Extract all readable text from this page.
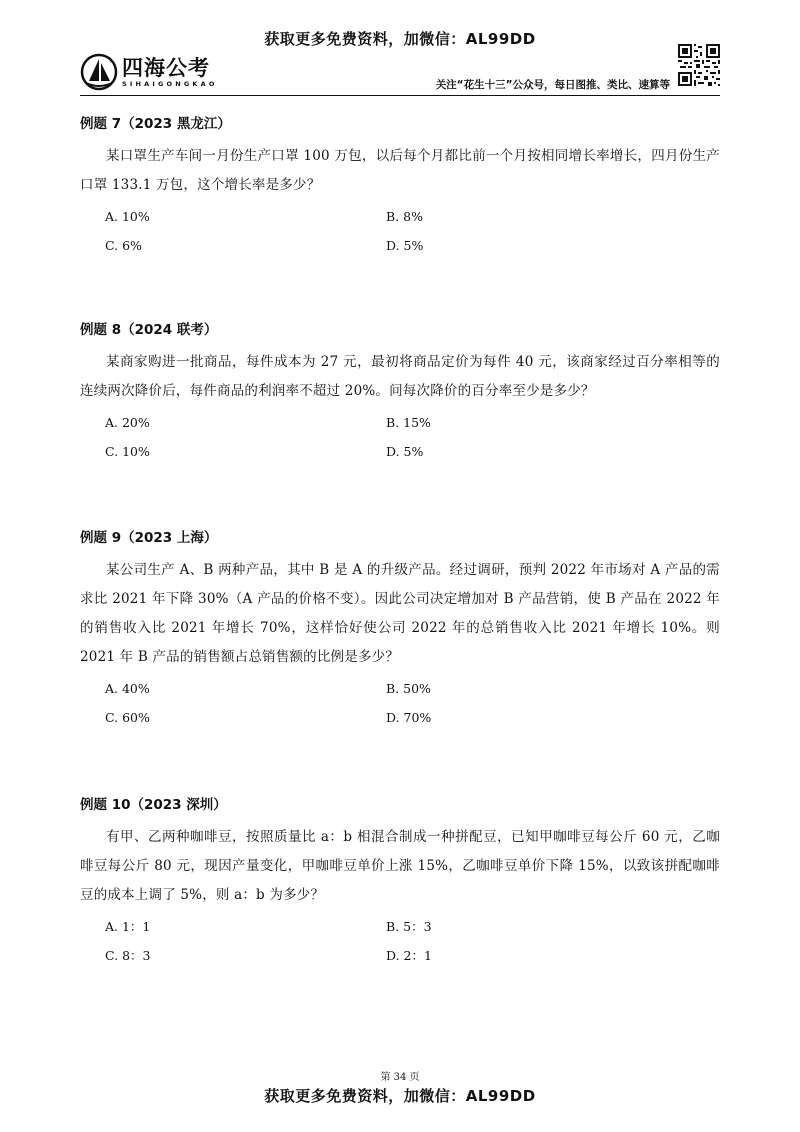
获取更多免费资料，加微信：AL99DD
四海公考
SIHAIGONGKAO	关注“花生十三”公众号，每日图推、类比、速算等
例题 7（2023 黑龙江）

某口罩生产车间一月份生产口罩 100 万包，以后每个月都比前一个月按相同增长率增长，四月份生产口罩 133.1 万包，这个增长率是多少？

A. 10%	B. 8%
C. 6%	D. 5%
例题 8（2024 联考）

某商家购进一批商品，每件成本为 27 元，最初将商品定价为每件 40 元，该商家经过百分率相等的连续两次降价后，每件商品的利润率不超过 20%。问每次降价的百分率至少是多少？

A. 20%	B. 15%
C. 10%	D. 5%
例题 9（2023 上海）

某公司生产 A、B 两种产品，其中 B 是 A 的升级产品。经过调研，预判 2022 年市场对 A 产品的需求比 2021 年下降 30%（A 产品的价格不变）。因此公司决定增加对 B 产品营销，使 B 产品在 2022 年的销售收入比 2021 年增长 70%，这样恰好使公司 2022 年的总销售收入比 2021 年增长 10%。则 2021 年 B 产品的销售额占总销售额的比例是多少？

A. 40%	B. 50%
C. 60%	D. 70%
例题 10（2023 深圳）

有甲、乙两种咖啡豆，按照质量比 a：b 相混合制成一种拼配豆，已知甲咖啡豆每公斤 60 元，乙咖啡豆每公斤 80 元，现因产量变化，甲咖啡豆单价上涨 15%，乙咖啡豆单价下降 15%，以致该拼配咖啡豆的成本上调了 5%，则 a：b 为多少？

A. 1：1	B. 5：3
C. 8：3	D. 2：1
第 34 页
获取更多免费资料，加微信：AL99DD
